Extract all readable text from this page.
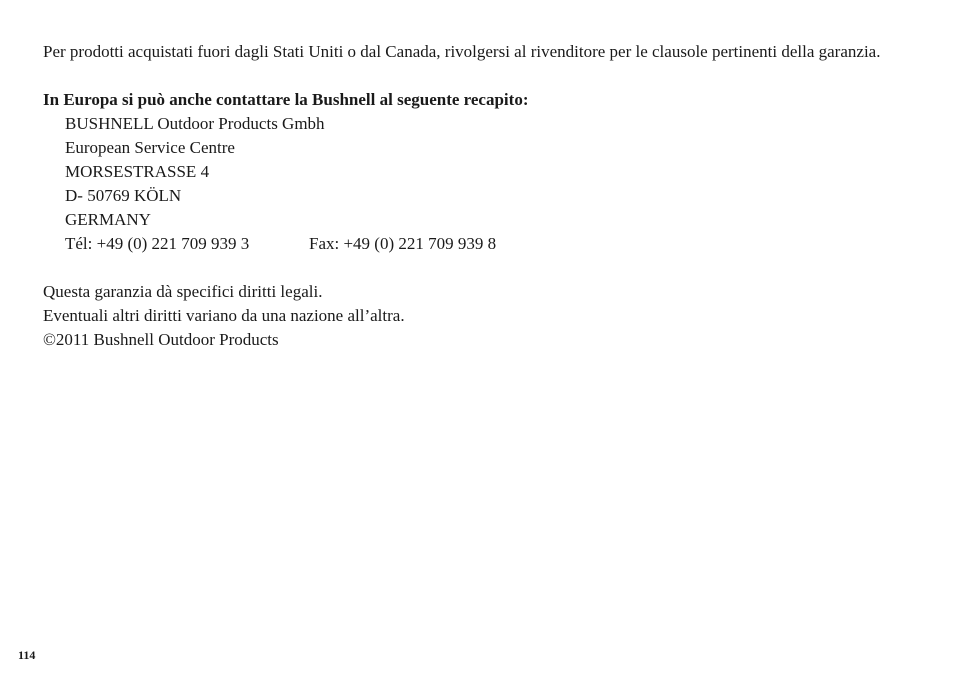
Per prodotti acquistati fuori dagli Stati Uniti o dal Canada, rivolgersi al rivenditore per le clausole pertinenti della garanzia.

In Europa si può anche contattare la Bushnell al seguente recapito:

BUSHNELL Outdoor Products Gmbh
European Service Centre
MORSESTRASSE 4
D- 50769 KÖLN
GERMANY
Tél: +49 (0) 221 709 939 3	Fax: +49 (0) 221 709 939 8
Questa garanzia dà specifici diritti legali.
Eventuali altri diritti variano da una nazione all’altra.
©2011 Bushnell Outdoor Products
114
